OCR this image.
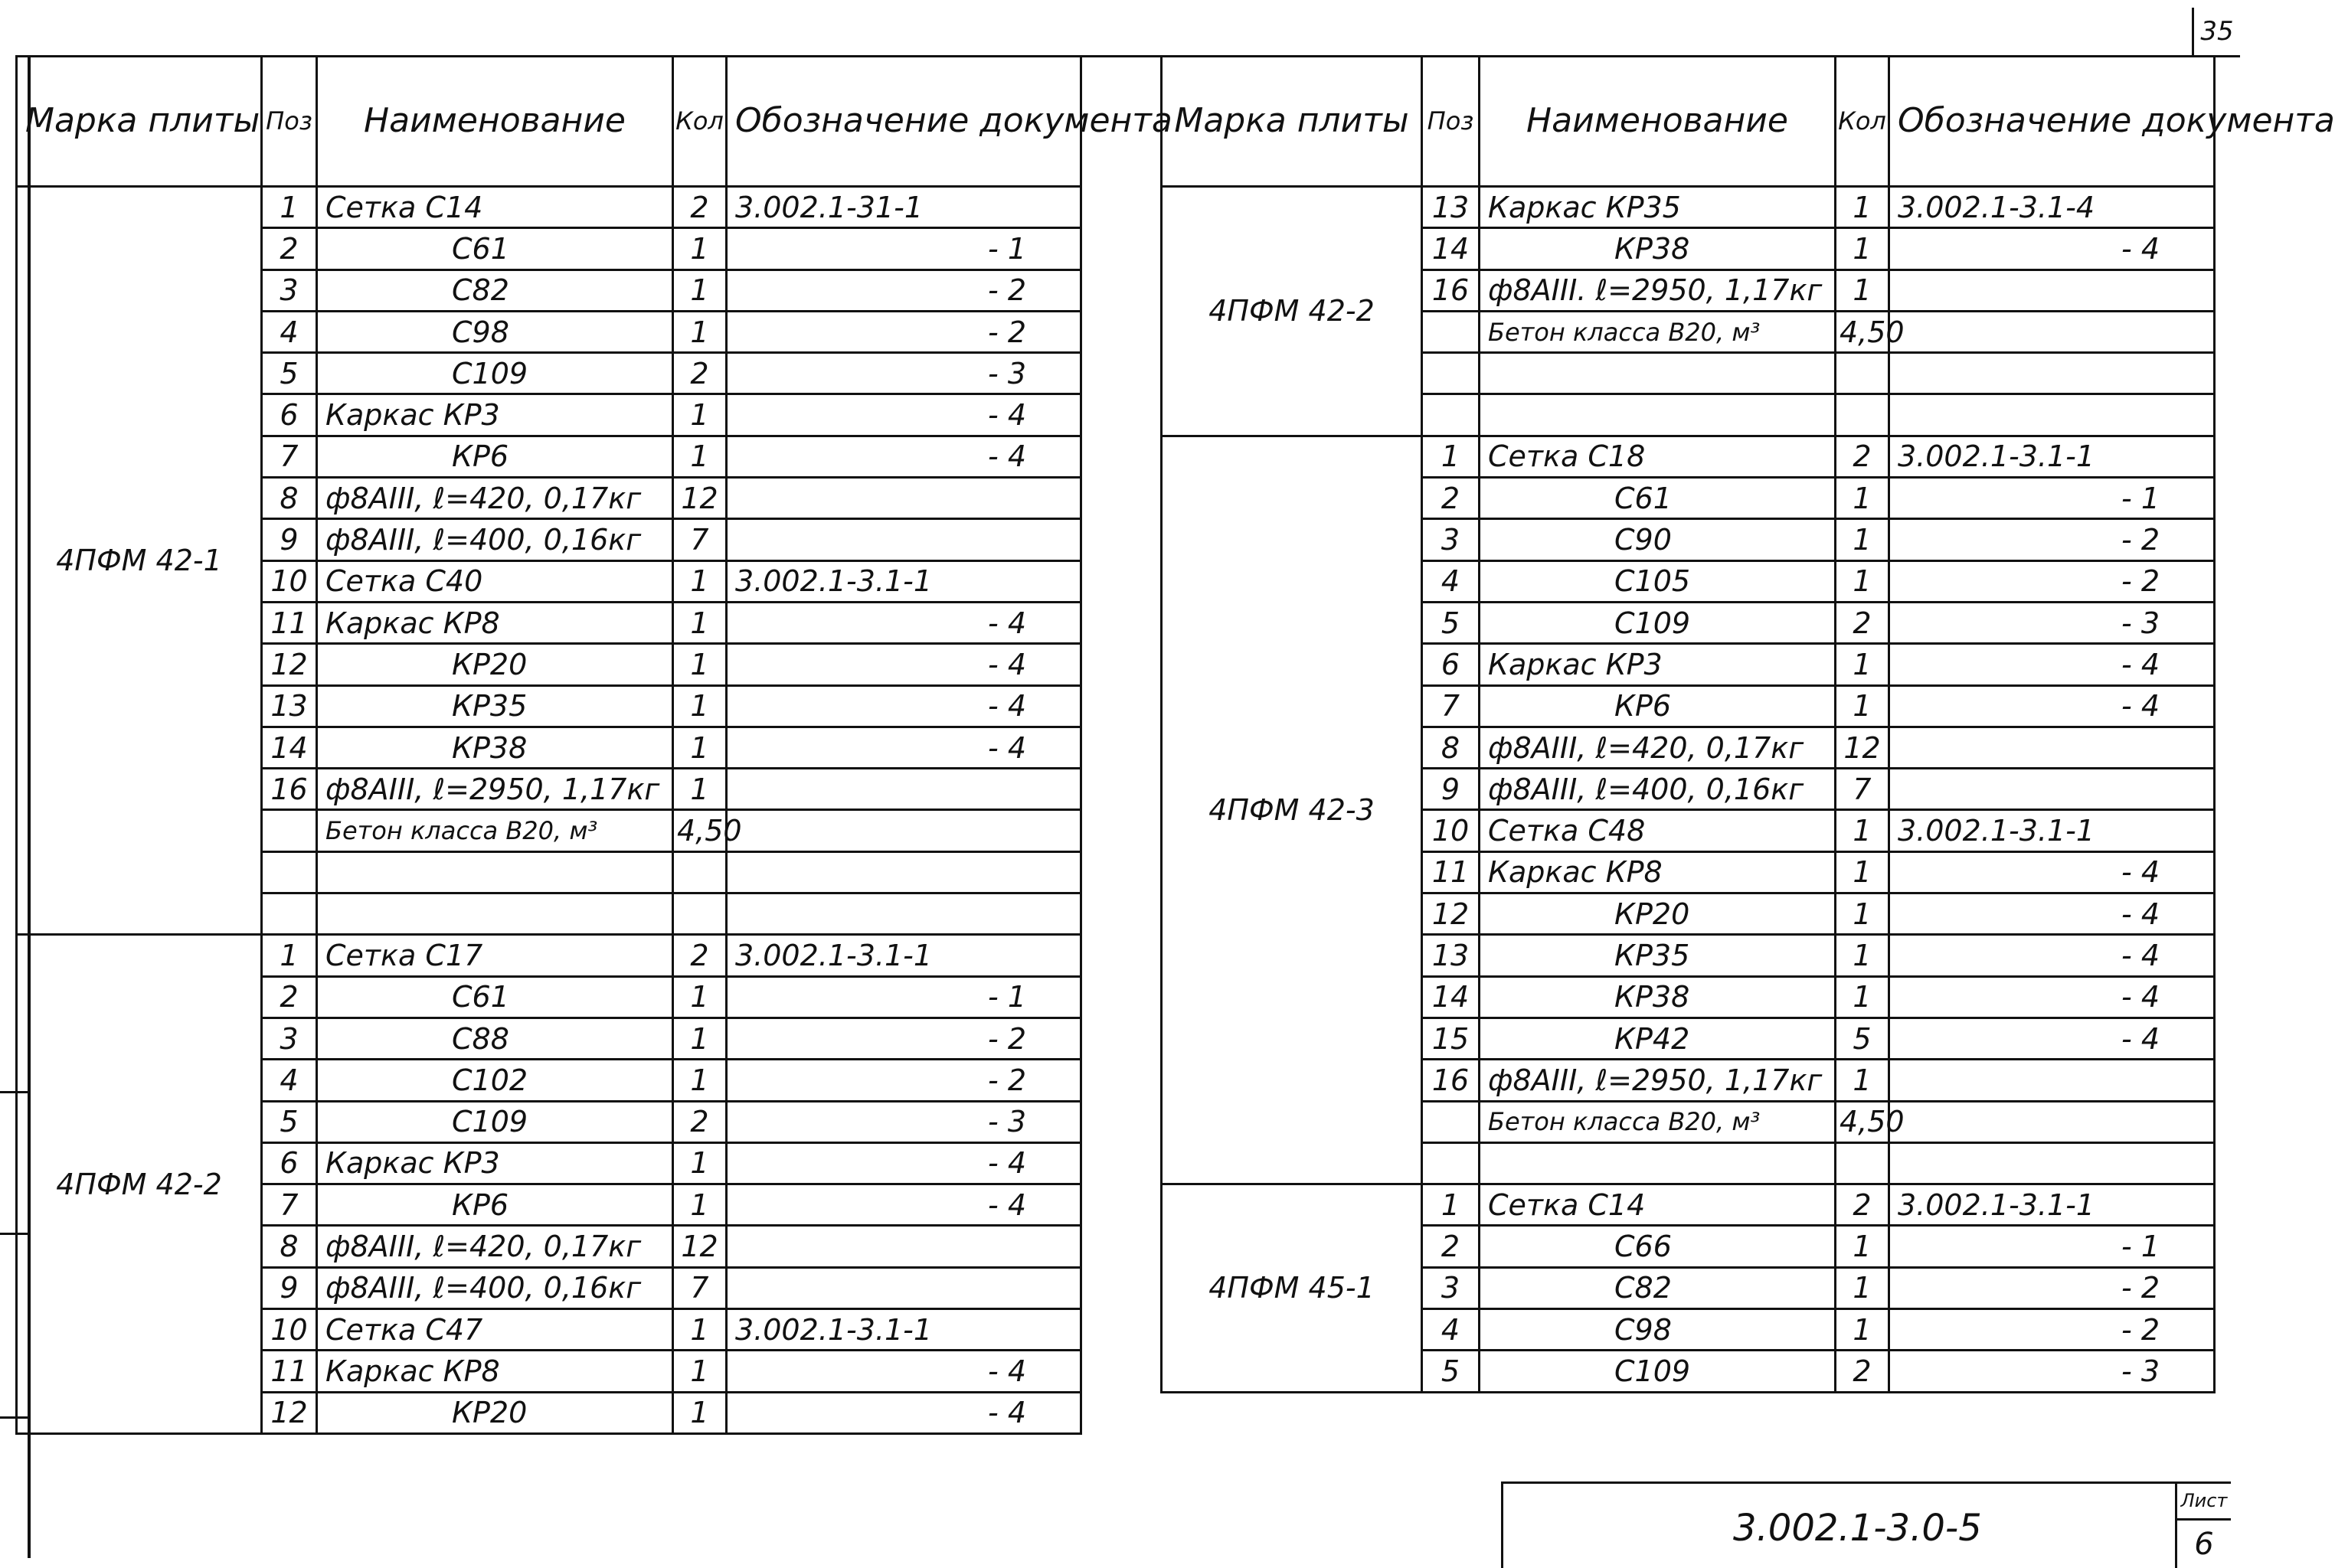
35
Марка плиты	Поз	Наименование	Кол	Обозначение документа
4ПФМ 42-1	1	Сетка С14	2	3.002.1-31-1
	2	С61	1	- 1
	3	С82	1	- 2
	4	С98	1	- 2
	5	С109	2	- 3
	6	Каркас КР3	1	- 4
	7	КР6	1	- 4
	8	ф8АIII, ℓ=420, 0,17кг	12	
	9	ф8АIII, ℓ=400, 0,16кг	7	
	10	Сетка С40	1	3.002.1-3.1-1
	11	Каркас КР8	1	- 4
	12	КР20	1	- 4
	13	КР35	1	- 4
	14	КР38	1	- 4
	16	ф8АIII, ℓ=2950, 1,17кг	1	
		Бетон класса В20, м³	4,50	

4ПФМ 42-2	1	Сетка С17	2	3.002.1-3.1-1
	2	С61	1	- 1
	3	С88	1	- 2
	4	С102	1	- 2
	5	С109	2	- 3
	6	Каркас КР3	1	- 4
	7	КР6	1	- 4
	8	ф8АIII, ℓ=420, 0,17кг	12	
	9	ф8АIII, ℓ=400, 0,16кг	7	
	10	Сетка С47	1	3.002.1-3.1-1
	11	Каркас КР8	1	- 4
	12	КР20	1	- 4
Марка плиты	Поз	Наименование	Кол	Обозначение документа
4ПФМ 42-2	13	Каркас КР35	1	3.002.1-3.1-4
	14	КР38	1	- 4
	16	ф8АIII. ℓ=2950, 1,17кг	1	
		Бетон класса В20, м³	4,50	

4ПФМ 42-3	1	Сетка С18	2	3.002.1-3.1-1
	2	С61	1	- 1
	3	С90	1	- 2
	4	С105	1	- 2
	5	С109	2	- 3
	6	Каркас КР3	1	- 4
	7	КР6	1	- 4
	8	ф8АIII, ℓ=420, 0,17кг	12	
	9	ф8АIII, ℓ=400, 0,16кг	7	
	10	Сетка С48	1	3.002.1-3.1-1
	11	Каркас КР8	1	- 4
	12	КР20	1	- 4
	13	КР35	1	- 4
	14	КР38	1	- 4
	15	КР42	5	- 4
	16	ф8АIII, ℓ=2950, 1,17кг	1	
		Бетон класса В20, м³	4,50	

4ПФМ 45-1	1	Сетка С14	2	3.002.1-3.1-1
	2	С66	1	- 1
	3	С82	1	- 2
	4	С98	1	- 2
	5	С109	2	- 3
3.002.1-3.0-5
Лист
6
